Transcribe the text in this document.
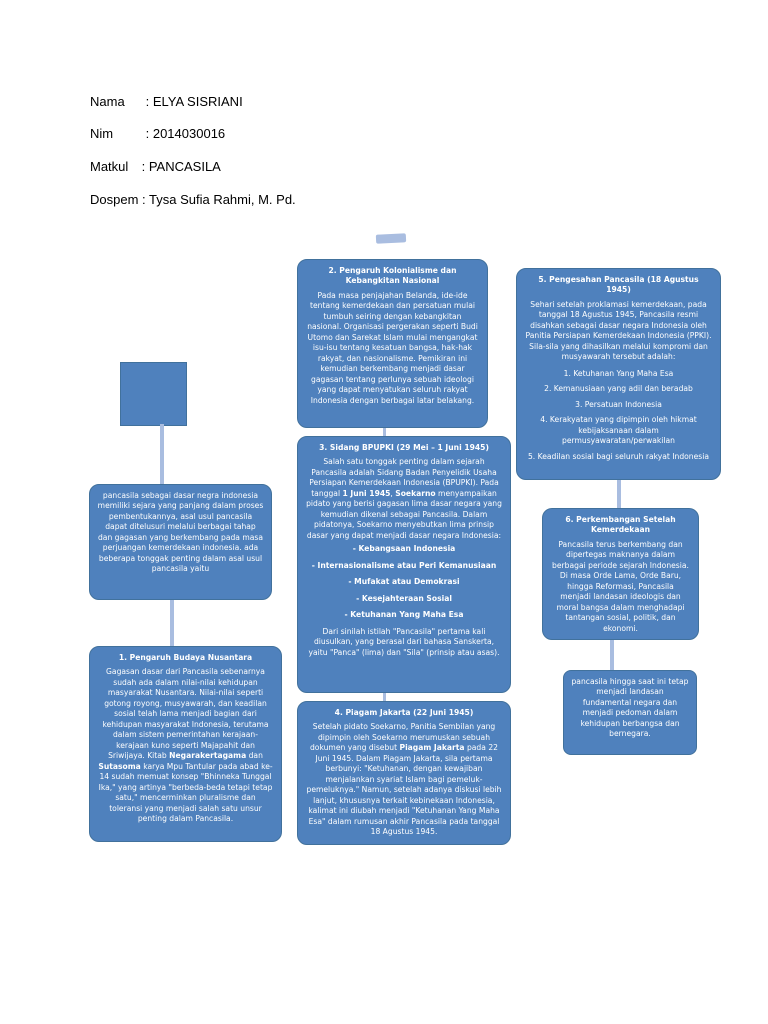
Nama : ELYA SISRIANI
Nim	: 2014030016
Matkul : PANCASILA
Dospem : Tysa Sufia Rahmi, M. Pd.

pancasila sebagai dasar negra indonesia memiliki sejara yang panjang dalam proses pembentukannya, asal usul pancasila dapat ditelusuri melalui berbagai tahap dan gagasan yang berkembang pada masa perjuangan kemerdekaan indonesia. ada beberapa tonggak penting dalam asal usul pancasila yaitu

1. Pengaruh Budaya Nusantara

Gagasan dasar dari Pancasila sebenarnya sudah ada dalam nilai-nilai kehidupan masyarakat Nusantara. Nilai-nilai seperti gotong royong, musyawarah, dan keadilan sosial telah lama menjadi bagian dari kehidupan masyarakat Indonesia, terutama dalam sistem pemerintahan kerajaan-kerajaan kuno seperti Majapahit dan Sriwijaya. Kitab Negarakertagama dan Sutasoma karya Mpu Tantular pada abad ke-14 sudah memuat konsep "Bhinneka Tunggal Ika," yang artinya "berbeda-beda tetapi tetap satu," mencerminkan pluralisme dan toleransi yang menjadi salah satu unsur penting dalam Pancasila.

2. Pengaruh Kolonialisme dan Kebangkitan Nasional

Pada masa penjajahan Belanda, ide-ide tentang kemerdekaan dan persatuan mulai tumbuh seiring dengan kebangkitan nasional. Organisasi pergerakan seperti Budi Utomo dan Sarekat Islam mulai mengangkat isu-isu tentang kesatuan bangsa, hak-hak rakyat, dan nasionalisme. Pemikiran ini kemudian berkembang menjadi dasar gagasan tentang perlunya sebuah ideologi yang dapat menyatukan seluruh rakyat Indonesia dengan berbagai latar belakang.

3. Sidang BPUPKI (29 Mei – 1 Juni 1945)

Salah satu tonggak penting dalam sejarah Pancasila adalah Sidang Badan Penyelidik Usaha Persiapan Kemerdekaan Indonesia (BPUPKI). Pada tanggal 1 Juni 1945, Soekarno menyampaikan pidato yang berisi gagasan lima dasar negara yang kemudian dikenal sebagai Pancasila. Dalam pidatonya, Soekarno menyebutkan lima prinsip dasar yang dapat menjadi dasar negara Indonesia:

- Kebangsaan Indonesia
- Internasionalisme atau Peri Kemanusiaan
- Mufakat atau Demokrasi
- Kesejahteraan Sosial
- Ketuhanan Yang Maha Esa

Dari sinilah istilah "Pancasila" pertama kali diusulkan, yang berasal dari bahasa Sanskerta, yaitu "Panca" (lima) dan "Sila" (prinsip atau asas).

4. Piagam Jakarta (22 Juni 1945)

Setelah pidato Soekarno, Panitia Sembilan yang dipimpin oleh Soekarno merumuskan sebuah dokumen yang disebut Piagam Jakarta pada 22 Juni 1945. Dalam Piagam Jakarta, sila pertama berbunyi: "Ketuhanan, dengan kewajiban menjalankan syariat Islam bagi pemeluk-pemeluknya." Namun, setelah adanya diskusi lebih lanjut, khususnya terkait kebinekaan Indonesia, kalimat ini diubah menjadi "Ketuhanan Yang Maha Esa" dalam rumusan akhir Pancasila pada tanggal 18 Agustus 1945.

5. Pengesahan Pancasila (18 Agustus 1945)

Sehari setelah proklamasi kemerdekaan, pada tanggal 18 Agustus 1945, Pancasila resmi disahkan sebagai dasar negara Indonesia oleh Panitia Persiapan Kemerdekaan Indonesia (PPKI). Sila-sila yang dihasilkan melalui kompromi dan musyawarah tersebut adalah:

1. Ketuhanan Yang Maha Esa
2. Kemanusiaan yang adil dan beradab
3. Persatuan Indonesia
4. Kerakyatan yang dipimpin oleh hikmat kebijaksanaan dalam permusyawaratan/perwakilan
5. Keadilan sosial bagi seluruh rakyat Indonesia
6. Perkembangan Setelah Kemerdekaan

Pancasila terus berkembang dan dipertegas maknanya dalam berbagai periode sejarah Indonesia. Di masa Orde Lama, Orde Baru, hingga Reformasi, Pancasila menjadi landasan ideologis dan moral bangsa dalam menghadapi tantangan sosial, politik, dan ekonomi.

pancasila hingga saat ini tetap menjadi landasan fundamental negara dan menjadi pedoman dalam kehidupan berbangsa dan bernegara.
